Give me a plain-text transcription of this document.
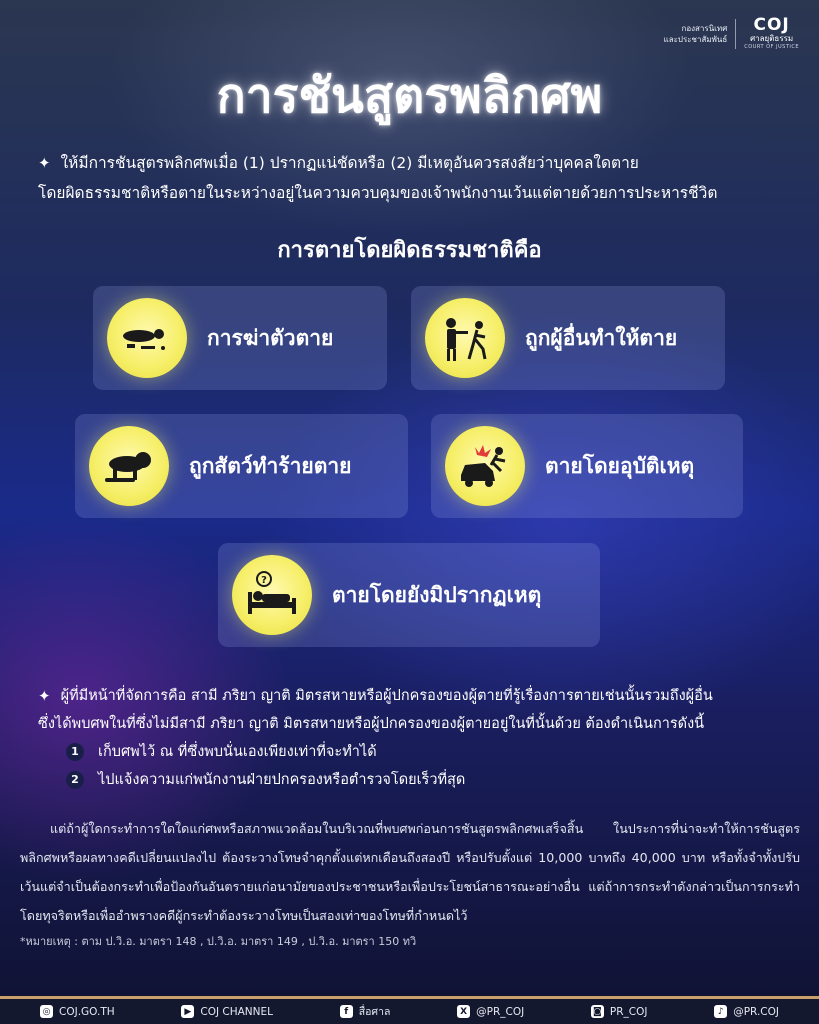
กองสารนิเทศ
และประชาสัมพันธ์
COJ
ศาลยุติธรรม
COURT OF JUSTICE
การชันสูตรพลิกศพ
✦ ให้มีการชันสูตรพลิกศพเมื่อ (1) ปรากฏแน่ชัดหรือ (2) มีเหตุอันควรสงสัยว่าบุคคลใดตาย
โดยผิดธรรมชาติหรือตายในระหว่างอยู่ในความควบคุมของเจ้าพนักงานเว้นแต่ตายด้วยการประหารชีวิต
การตายโดยผิดธรรมชาติคือ
การฆ่าตัวตาย	ถูกผู้อื่นทำให้ตาย
ถูกสัตว์ทำร้ายตาย	ตายโดยอุบัติเหตุ
?
ตายโดยยังมิปรากฏเหตุ
✦ ผู้ที่มีหน้าที่จัดการคือ สามี ภริยา ญาติ มิตรสหายหรือผู้ปกครองของผู้ตายที่รู้เรื่องการตายเช่นนั้นรวมถึงผู้อื่น
ซึ่งได้พบศพในที่ซึ่งไม่มีสามี ภริยา ญาติ มิตรสหายหรือผู้ปกครองของผู้ตายอยู่ในที่นั้นด้วย ต้องดำเนินการดังนี้
1	เก็บศพไว้ ณ ที่ซึ่งพบนั่นเองเพียงเท่าที่จะทำได้
2	ไปแจ้งความแก่พนักงานฝ่ายปกครองหรือตำรวจโดยเร็วที่สุด
แต่ถ้าผู้ใดกระทำการใดใดแก่ศพหรือสภาพแวดล้อมในบริเวณที่พบศพก่อนการชันสูตรพลิกศพเสร็จสิ้น ในประการที่น่าจะทำให้การชันสูตรพลิกศพหรือผลทางคดีเปลี่ยนแปลงไป ต้องระวางโทษจำคุกตั้งแต่หกเดือนถึงสองปี หรือปรับตั้งแต่ 10,000 บาทถึง 40,000 บาท หรือทั้งจำทั้งปรับ เว้นแต่จำเป็นต้องกระทำเพื่อป้องกันอันตรายแก่อนามัยของประชาชนหรือเพื่อประโยชน์สาธารณะอย่างอื่น แต่ถ้าการกระทำดังกล่าวเป็นการกระทำโดยทุจริตหรือเพื่ออำพรางคดีผู้กระทำต้องระวางโทษเป็นสองเท่าของโทษที่กำหนดไว้
*หมายเหตุ : ตาม ป.วิ.อ. มาตรา 148 , ป.วิ.อ. มาตรา 149 , ป.วิ.อ. มาตรา 150 ทวิ
◎ COJ.GO.TH	▶ COJ CHANNEL	f	สื่อศาล	X @PR_COJ	◙ PR_COJ	♪ @PR.COJ
